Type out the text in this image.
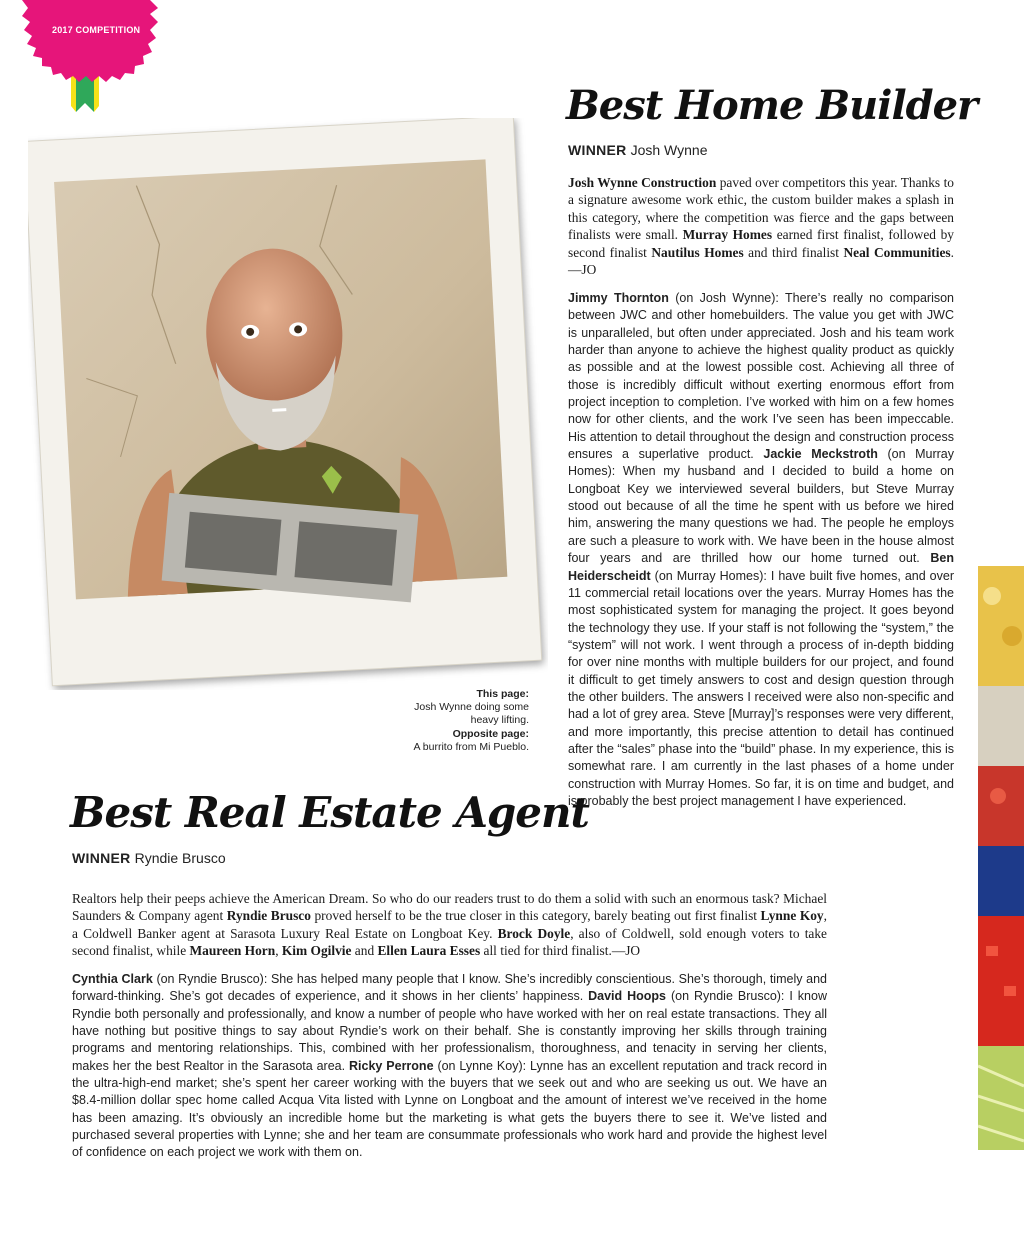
2017 COMPETITION
Best Home Builder
WINNER Josh Wynne

Josh Wynne Construction paved over competitors this year. Thanks to a signature awesome work ethic, the custom builder makes a splash in this category, where the competition was fierce and the gaps between finalists were small. Murray Homes earned first finalist, followed by second finalist Nautilus Homes and third finalist Neal Communities. —JO

Jimmy Thornton (on Josh Wynne): There’s really no comparison between JWC and other homebuilders. The value you get with JWC is unparalleled, but often under appreciated. Josh and his team work harder than anyone to achieve the highest quality product as quickly as possible and at the lowest possible cost. Achieving all three of those is incredibly difficult without exerting enormous effort from project inception to completion. I’ve worked with him on a few homes now for other clients, and the work I’ve seen has been impeccable. His attention to detail throughout the design and construction process ensures a superlative product. Jackie Meckstroth (on Murray Homes): When my husband and I decided to build a home on Longboat Key we interviewed several builders, but Steve Murray stood out because of all the time he spent with us before we hired him, answering the many questions we had. The people he employs are such a pleasure to work with. We have been in the house almost four years and are thrilled how our home turned out. Ben Heiderscheidt (on Murray Homes): I have built five homes, and over 11 commercial retail locations over the years. Murray Homes has the most sophisticated system for managing the project. It goes beyond the technology they use. If your staff is not following the “system,” the “system” will not work. I went through a process of in-depth bidding for over nine months with multiple builders for our project, and found it difficult to get timely answers to cost and design question through the other builders. The answers I received were also non-specific and had a lot of grey area. Steve [Murray]’s responses were very different, and more importantly, this precise attention to detail has continued after the “sales” phase into the “build” phase. In my experience, this is somewhat rare. I am currently in the last phases of a home under construction with Murray Homes. So far, it is on time and budget, and is probably the best project management I have experienced.

This page:
Josh Wynne doing some heavy lifting.
Opposite page:
A burrito from Mi Pueblo.
Best Real Estate Agent
WINNER Ryndie Brusco

Realtors help their peeps achieve the American Dream. So who do our readers trust to do them a solid with such an enormous task? Michael Saunders & Company agent Ryndie Brusco proved herself to be the true closer in this category, barely beating out first finalist Lynne Koy, a Coldwell Banker agent at Sarasota Luxury Real Estate on Longboat Key. Brock Doyle, also of Coldwell, sold enough voters to take second finalist, while Maureen Horn, Kim Ogilvie and Ellen Laura Esses all tied for third finalist.—JO

Cynthia Clark (on Ryndie Brusco): She has helped many people that I know. She’s incredibly conscientious. She’s thorough, timely and forward-thinking. She’s got decades of experience, and it shows in her clients’ happiness. David Hoops (on Ryndie Brusco): I know Ryndie both personally and professionally, and know a number of people who have worked with her on real estate transactions. They all have nothing but positive things to say about Ryndie’s work on their behalf. She is constantly improving her skills through training programs and mentoring relationships. This, combined with her professionalism, thoroughness, and tenacity in serving her clients, makes her the best Realtor in the Sarasota area. Ricky Perrone (on Lynne Koy): Lynne has an excellent reputation and track record in the ultra-high-end market; she’s spent her career working with the buyers that we seek out and who are seeking us out. We have an $8.4-million dollar spec home called Acqua Vita listed with Lynne on Longboat and the amount of interest we’ve received in the home has been amazing. It’s obviously an incredible home but the marketing is what gets the buyers there to see it. We’ve listed and purchased several properties with Lynne; she and her team are consummate professionals who work hard and provide the highest level of confidence on each project we work with them on.
